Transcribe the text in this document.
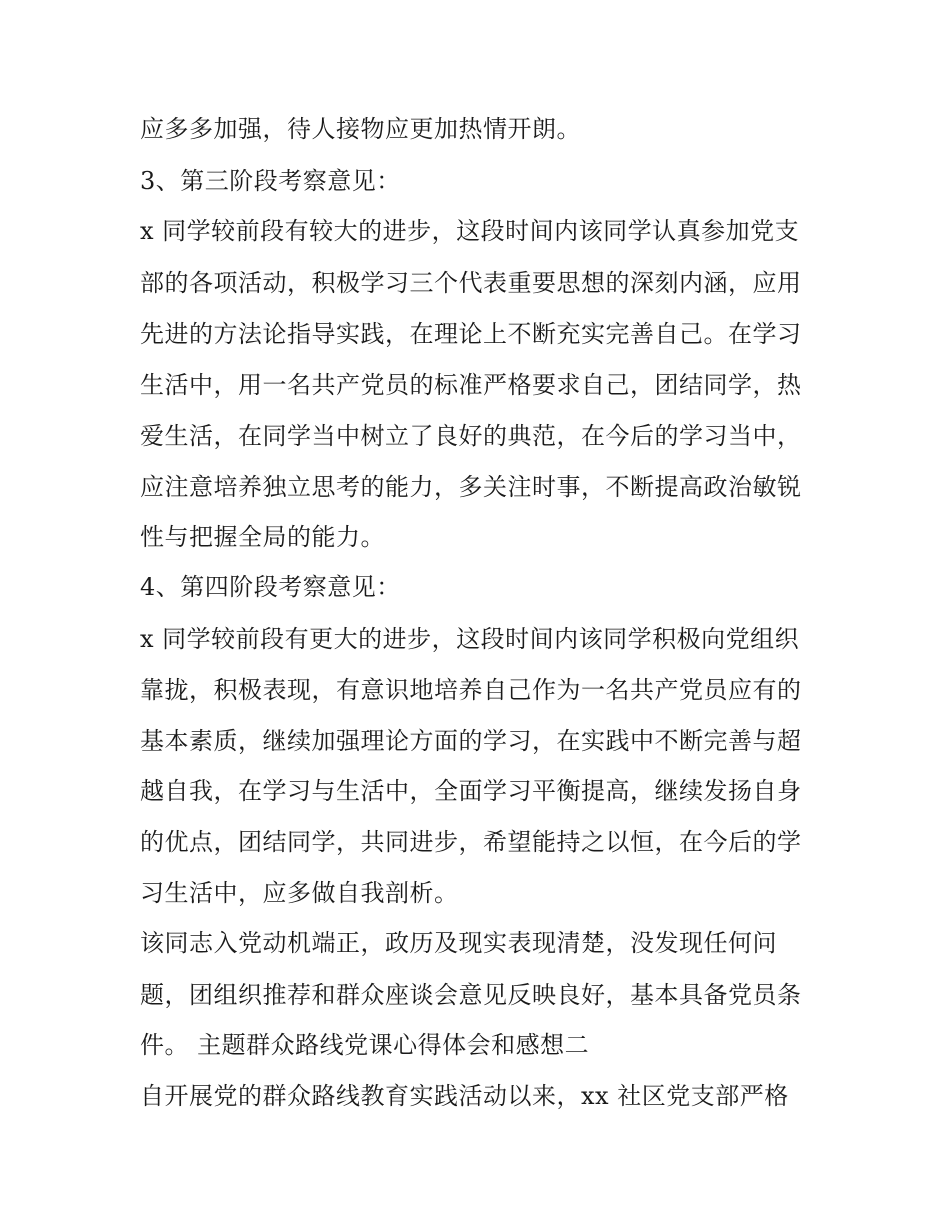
应多多加强，待人接物应更加热情开朗。

3、第三阶段考察意见：

x 同学较前段有较大的进步，这段时间内该同学认真参加党支

部的各项活动，积极学习三个代表重要思想的深刻内涵，应用

先进的方法论指导实践，在理论上不断充实完善自己。在学习

生活中，用一名共产党员的标准严格要求自己，团结同学，热

爱生活，在同学当中树立了良好的典范，在今后的学习当中，

应注意培养独立思考的能力，多关注时事，不断提高政治敏锐

性与把握全局的能力。

4、第四阶段考察意见：

x 同学较前段有更大的进步，这段时间内该同学积极向党组织

靠拢，积极表现，有意识地培养自己作为一名共产党员应有的

基本素质，继续加强理论方面的学习，在实践中不断完善与超

越自我，在学习与生活中，全面学习平衡提高，继续发扬自身

的优点，团结同学，共同进步，希望能持之以恒，在今后的学

习生活中，应多做自我剖析。

该同志入党动机端正，政历及现实表现清楚，没发现任何问

题，团组织推荐和群众座谈会意见反映良好，基本具备党员条

件。 主题群众路线党课心得体会和感想二

自开展党的群众路线教育实践活动以来，xx 社区党支部严格
